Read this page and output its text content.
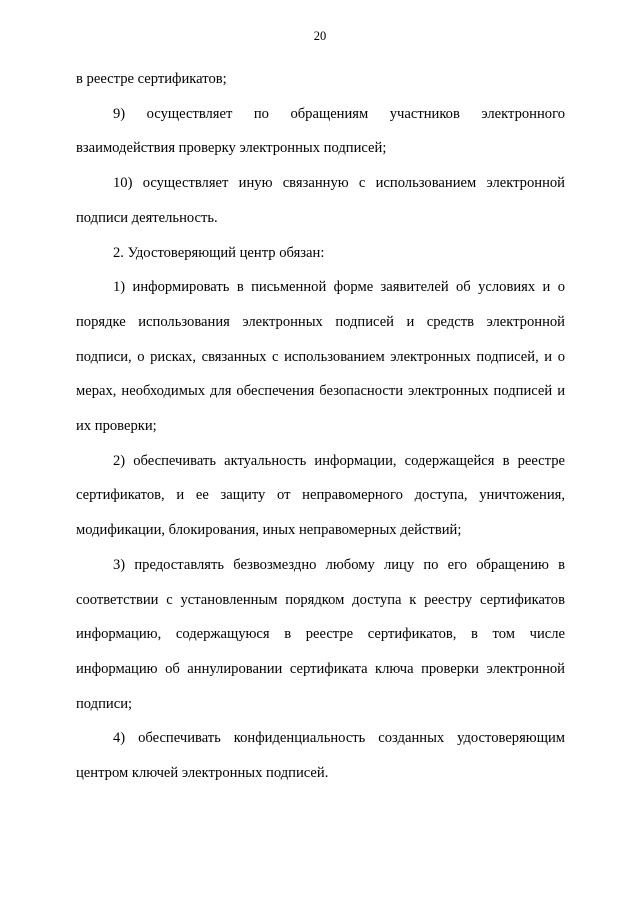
20

в реестре сертификатов;

9) осуществляет по обращениям участников электронного взаимодействия проверку электронных подписей;

10) осуществляет иную связанную с использованием электронной подписи деятельность.

2. Удостоверяющий центр обязан:

1) информировать в письменной форме заявителей об условиях и о порядке использования электронных подписей и средств электронной подписи, о рисках, связанных с использованием электронных подписей, и о мерах, необходимых для обеспечения безопасности электронных подписей и их проверки;

2) обеспечивать актуальность информации, содержащейся в реестре сертификатов, и ее защиту от неправомерного доступа, уничтожения, модификации, блокирования, иных неправомерных действий;

3) предоставлять безвозмездно любому лицу по его обращению в соответствии с установленным порядком доступа к реестру сертификатов информацию, содержащуюся в реестре сертификатов, в том числе информацию об аннулировании сертификата ключа проверки электронной подписи;

4) обеспечивать конфиденциальность созданных удостоверяющим центром ключей электронных подписей.
